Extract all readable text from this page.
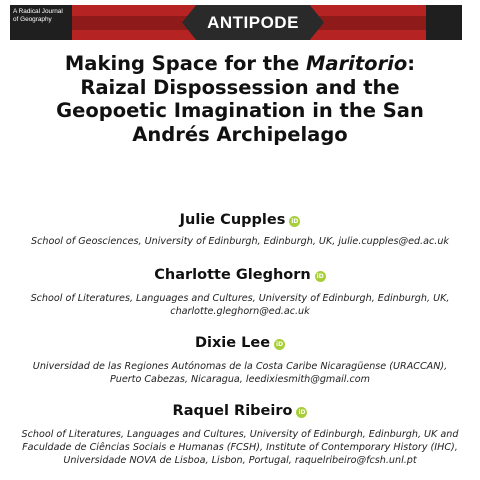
A Radical Journal
of Geography	ANTIPODE
Making Space for the Maritorio:
Raizal Dispossession and the
Geopoetic Imagination in the San
Andrés Archipelago
Julie Cupples iD
School of Geosciences, University of Edinburgh, Edinburgh, UK, julie.cupples@ed.ac.uk
Charlotte Gleghorn iD
School of Literatures, Languages and Cultures, University of Edinburgh, Edinburgh, UK,
charlotte.gleghorn@ed.ac.uk
Dixie Lee iD
Universidad de las Regiones Autónomas de la Costa Caribe Nicaragüense (URACCAN),
Puerto Cabezas, Nicaragua, leedixiesmith@gmail.com
Raquel Ribeiro iD
School of Literatures, Languages and Cultures, University of Edinburgh, Edinburgh, UK and
Faculdade de Ciências Sociais e Humanas (FCSH), Institute of Contemporary History (IHC),
Universidade NOVA de Lisboa, Lisbon, Portugal, raquelribeiro@fcsh.unl.pt
